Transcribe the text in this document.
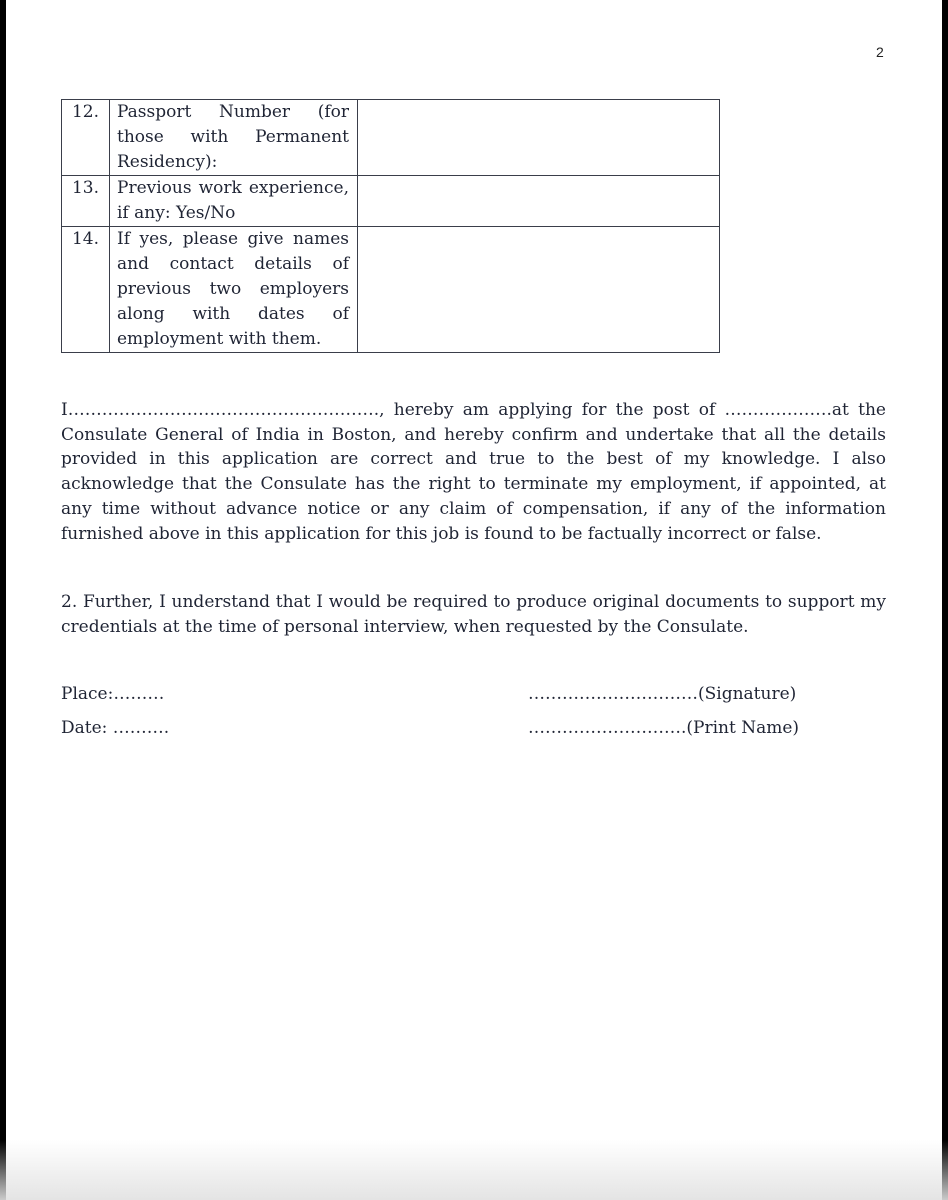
2
12.	Passport Number (for those with Permanent Residency):	
13.	Previous work experience, if any: Yes/No	
14.	If yes, please give names and contact details of previous two employers along with dates of employment with them.	
I………………………………………………., hereby am applying for the post of ……………….at the Consulate General of India in Boston, and hereby confirm and undertake that all the details provided in this application are correct and true to the best of my knowledge. I also acknowledge that the Consulate has the right to terminate my employment, if appointed, at any time without advance notice or any claim of compensation, if any of the information furnished above in this application for this job is found to be factually incorrect or false.
2. Further, I understand that I would be required to produce original documents to support my credentials at the time of personal interview, when requested by the Consulate.
Place:………
Date: ……….
…………………………(Signature)
……………………….(Print Name)
